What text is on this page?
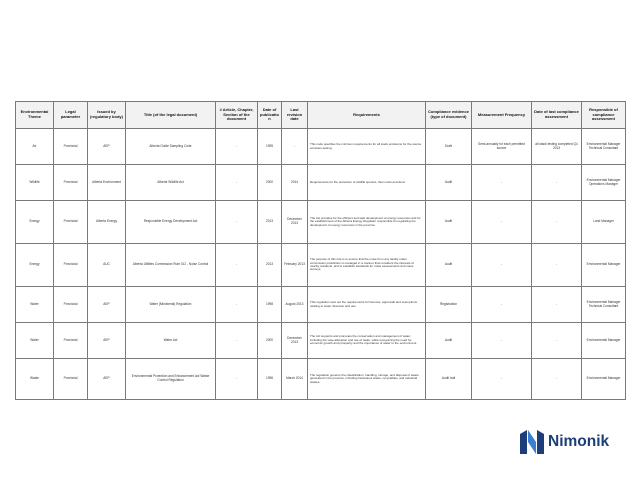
Environmental Theme	Legal parameter	Issued by (regulatory body)	Title (of the legal document)	# Article, Chapter, Section of the document	Date of publication	Last revision date	Requirements	Compliance evidence (type of document)	Measurement Frequency	Date of last compliance assessment	Responsible of compliance assessment
Air	Provincial	AEP	Alberta Guide Sampling Code	-	1995	-	This code specifies the minimum requirements for all stack emissions for the source emission testing.	Draft	Semi-annually for each permitted source	all stack testing completed Q4 2013	Environmental Manager Technical Consultant
Wildlife	Provincial	Alberta Environment	Alberta Wildlife Act	-	2000	2014	Requirements for the protection of wildlife species, their nests and dens.	Audit	-	-	Environmental Manager Operations Manager
Energy	Provincial	Alberta Energy	Responsible Energy Development Act	-	2013	December 2013	The Act provides for the efficient and safe development of energy resources and for the establishment of the Alberta Energy Regulator responsible for regulating the development of energy resources in the province.	Audit	-	-	Land Manager
Energy	Provincial	AUC	Alberta Utilities Commission Rule 012 - Noise Control	-	2013	February 2013	The purpose of this rule is to ensure that the noise from any facility under commission jurisdiction is managed in a manner that considers the interests of nearby residents, and to establish standards for noise assessments and noise surveys.	Audit	-	-	Environmental Manager
Water	Provincial	AEP	Water (Ministerial) Regulation	-	1998	August 2013	This regulation sets out the requirements for licences, approvals and exemptions relating to water diversion and use.	Registration	-	-	Environmental Manager Technical Consultant
Water	Provincial	AEP	Water Act	-	2000	December 2013	The Act supports and promotes the conservation and management of water, including the wise allocation and use of water, while recognizing the need for economic growth and prosperity and the importance of water to the environment.	Audit	-	-	Environmental Manager
Waste	Provincial	AEP	Environmental Protection and Enhancement Act Waste Control Regulation	-	1996	March 2014	The regulation governs the classification, handling, storage, and disposal of waste generated in the province, including hazardous waste, recyclables, and industrial wastes.	Audit trail	-	-	Environmental Manager
Nimonik
